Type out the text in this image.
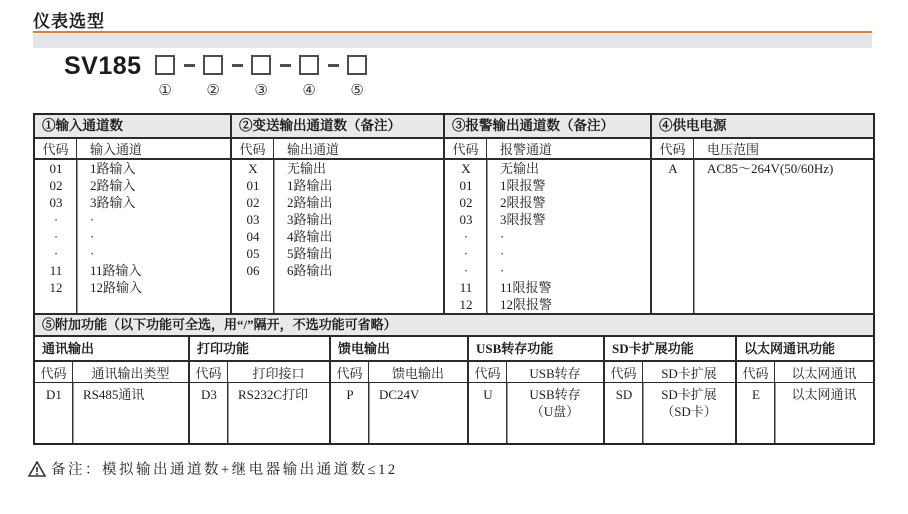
仪表选型
SV185
① ② ③ ④ ⑤
①输入通道数
代码	输入通道
01	1路输入
02	2路输入
03	3路输入
·	·
·	·
·	·
11	11路输入
12	12路输入
②变送输出通道数（备注）
代码	输出通道
X	无输出
01	1路输出
02	2路输出
03	3路输出
04	4路输出
05	5路输出
06	6路输出
③报警输出通道数（备注）
代码	报警通道
X	无输出
01	1限报警
02	2限报警
03	3限报警
·	·
·	·
·	·
11	11限报警
12	12限报警
④供电电源
代码	电压范围
A	AC85～264V(50/60Hz)
⑤附加功能（以下功能可全选，用“/”隔开，不选功能可省略）
通讯输出
代码	通讯输出类型
D1	RS485通讯
打印功能
代码	打印接口
D3	RS232C打印
馈电输出
代码	馈电输出
P	DC24V
USB转存功能
代码	USB转存
U	USB转存
（U盘）
SD卡扩展功能
代码	SD卡扩展
SD	SD卡扩展
（SD卡）
以太网通讯功能
代码	以太网通讯
E	以太网通讯
备注： 模拟输出通道数+继电器输出通道数≤12
